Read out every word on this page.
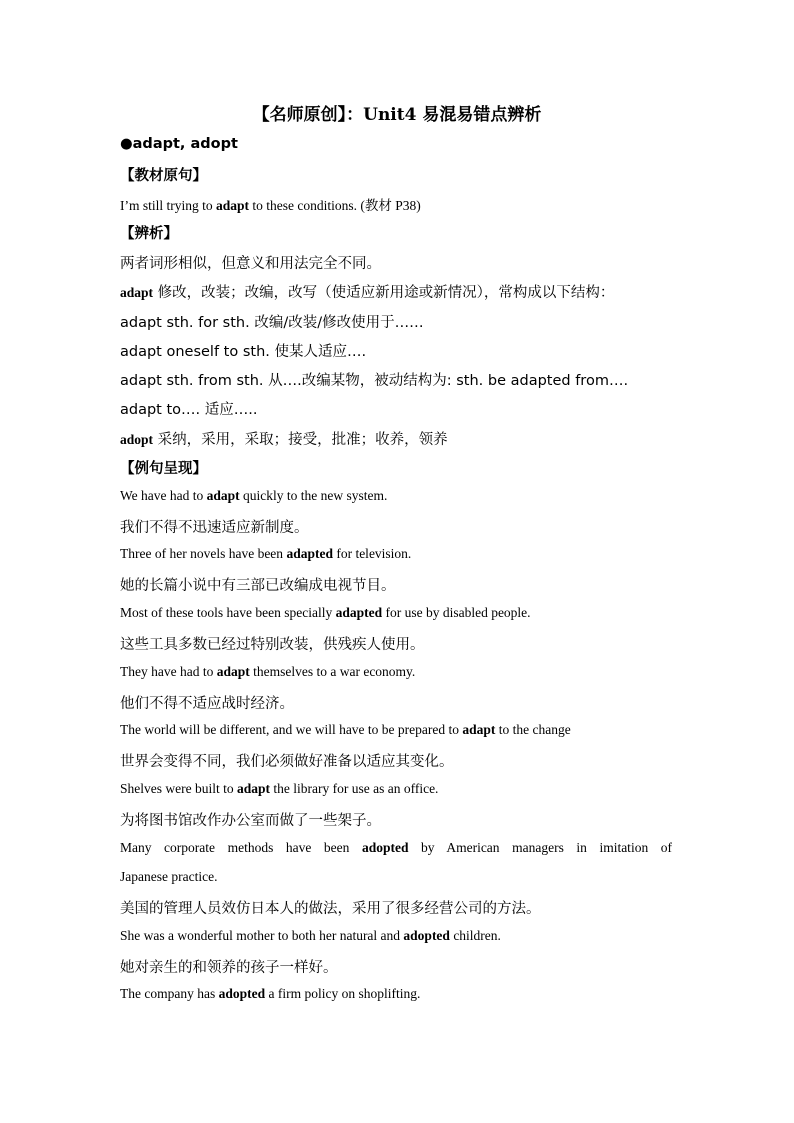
【名师原创】：Unit4 易混易错点辨析
●adapt, adopt
【教材原句】
I’m still trying to adapt to these conditions. (教材 P38)
【辨析】
两者词形相似，但意义和用法完全不同。
adapt 修改，改装；改编，改写（使适应新用途或新情况），常构成以下结构：
adapt sth. for sth. 改编/改装/修改使用于……
adapt oneself to sth. 使某人适应….
adapt sth. from sth. 从….改编某物，被动结构为: sth. be adapted from….
adapt to…. 适应…..
adopt 采纳，采用，采取；接受，批准；收养，领养
【例句呈现】
We have had to adapt quickly to the new system.
我们不得不迅速适应新制度。
Three of her novels have been adapted for television.
她的长篇小说中有三部已改编成电视节目。
Most of these tools have been specially adapted for use by disabled people.
这些工具多数已经过特别改装，供残疾人使用。
They have had to adapt themselves to a war economy.
他们不得不适应战时经济。
The world will be different, and we will have to be prepared to adapt to the change
世界会变得不同，我们必须做好准备以适应其变化。
Shelves were built to adapt the library for use as an office.
为将图书馆改作办公室而做了一些架子。
Many corporate methods have been adopted by American managers in imitation of
Japanese practice.
美国的管理人员效仿日本人的做法，采用了很多经营公司的方法。
She was a wonderful mother to both her natural and adopted children.
她对亲生的和领养的孩子一样好。
The company has adopted a firm policy on shoplifting.
